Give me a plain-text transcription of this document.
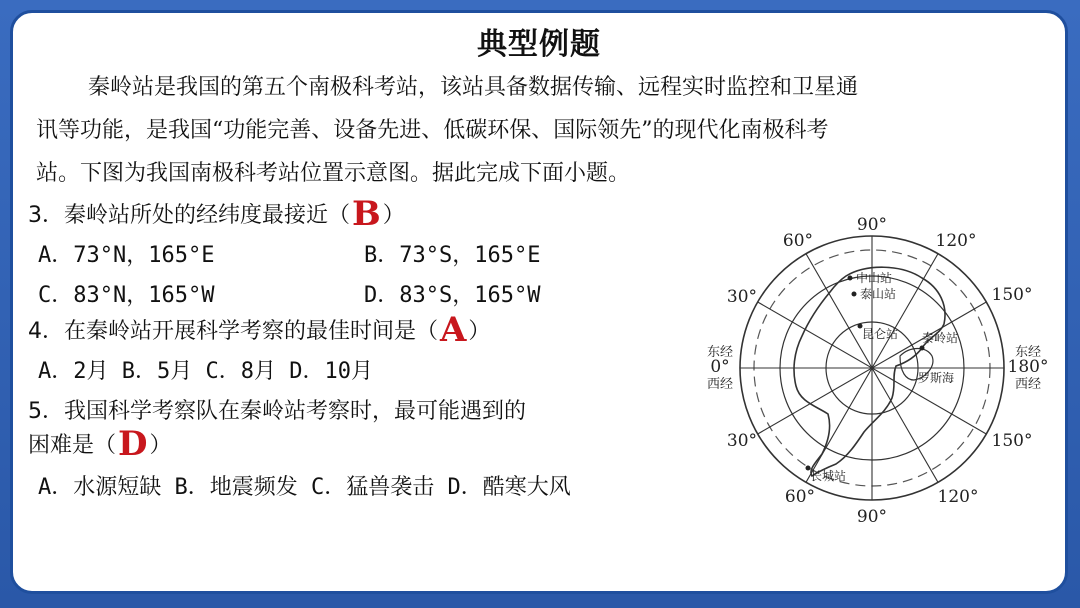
典型例题
秦岭站是我国的第五个南极科考站，该站具备数据传输、远程实时监控和卫星通
讯等功能，是我国“功能完善、设备先进、低碳环保、国际领先”的现代化南极科考
站。下图为我国南极科考站位置示意图。据此完成下面小题。
3．秦岭站所处的经纬度最接近（B）
A．73°N，165°E	B．73°S，165°E
C．83°N，165°W	D．83°S，165°W
4．在秦岭站开展科学考察的最佳时间是（A）
A．2月 B．5月 C．8月 D．10月
5．我国科学考察队在秦岭站考察时，最可能遇到的
困难是（D）
A．水源短缺 B．地震频发 C．猛兽袭击 D．酷寒大风
90°
90°
60°	120°
30°	150°
30°	150°
60°	120°
东经
0°
西经
东经
180°
西经
中山站
泰山站
昆仑站 秦岭站
长城站
罗斯海
